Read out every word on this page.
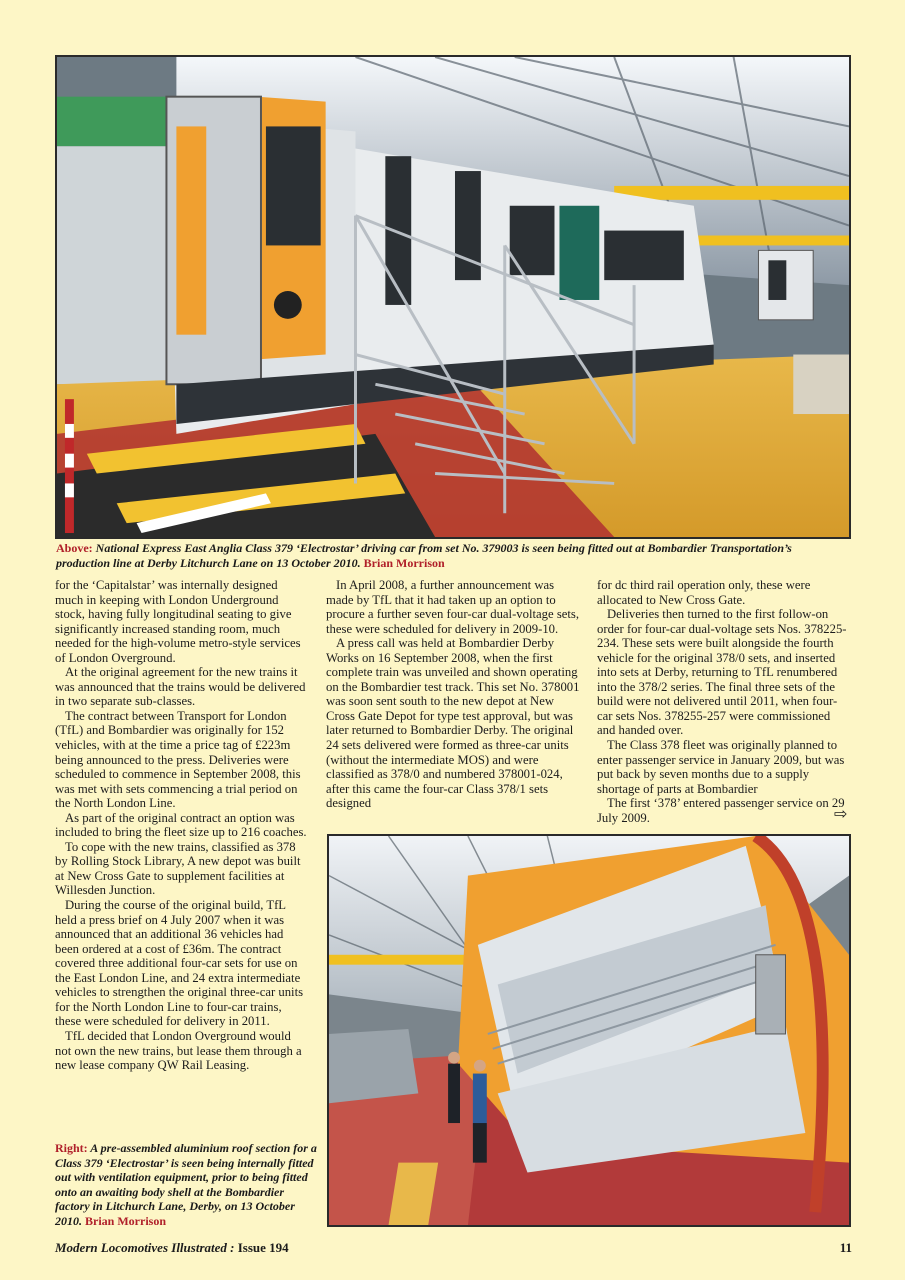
Above: National Express East Anglia Class 379 ‘Electrostar’ driving car from set No. 379003 is seen being fitted out at Bombardier Transportation’s production line at Derby Litchurch Lane on 13 October 2010. Brian Morrison

for the ‘Capitalstar’ was internally designed much in keeping with London Underground stock, having fully longitudinal seating to give significantly increased standing room, much needed for the high-volume metro-style services of London Overground.

At the original agreement for the new trains it was announced that the trains would be delivered in two separate sub-classes.

The contract between Transport for London (TfL) and Bombardier was originally for 152 vehicles, with at the time a price tag of £223m being announced to the press. Deliveries were scheduled to commence in September 2008, this was met with sets commencing a trial period on the North London Line.

As part of the original contract an option was included to bring the fleet size up to 216 coaches.

To cope with the new trains, classified as 378 by Rolling Stock Library, A new depot was built at New Cross Gate to supplement facilities at Willesden Junction.

During the course of the original build, TfL held a press brief on 4 July 2007 when it was announced that an additional 36 vehicles had been ordered at a cost of £36m. The contract covered three additional four-car sets for use on the East London Line, and 24 extra intermediate vehicles to strengthen the original three-car units for the North London Line to four-car trains, these were scheduled for delivery in 2011.

TfL decided that London Overground would not own the new trains, but lease them through a new lease company QW Rail Leasing.

In April 2008, a further announcement was made by TfL that it had taken up an option to procure a further seven four-car dual-voltage sets, these were scheduled for delivery in 2009-10.

A press call was held at Bombardier Derby Works on 16 September 2008, when the first complete train was unveiled and shown operating on the Bombardier test track. This set No. 378001 was soon sent south to the new depot at New Cross Gate Depot for type test approval, but was later returned to Bombardier Derby. The original 24 sets delivered were formed as three-car units (without the intermediate MOS) and were classified as 378/0 and numbered 378001-024, after this came the four-car Class 378/1 sets designed

for dc third rail operation only, these were allocated to New Cross Gate.

Deliveries then turned to the first follow-on order for four-car dual-voltage sets Nos. 378225-234. These sets were built alongside the fourth vehicle for the original 378/0 sets, and inserted into sets at Derby, returning to TfL renumbered into the 378/2 series. The final three sets of the build were not delivered until 2011, when four-car sets Nos. 378255-257 were commissioned and handed over.

The Class 378 fleet was originally planned to enter passenger service in January 2009, but was put back by seven months due to a supply shortage of parts at Bombardier

The first ‘378’ entered passenger service on 29 July 2009.	⇨
Right: A pre-assembled aluminium roof section for a Class 379 ‘Electrostar’ is seen being internally fitted out with ventilation equipment, prior to being fitted onto an awaiting body shell at the Bombardier factory in Litchurch Lane, Derby, on 13 October 2010. Brian Morrison
Modern Locomotives Illustrated : Issue 194	11
